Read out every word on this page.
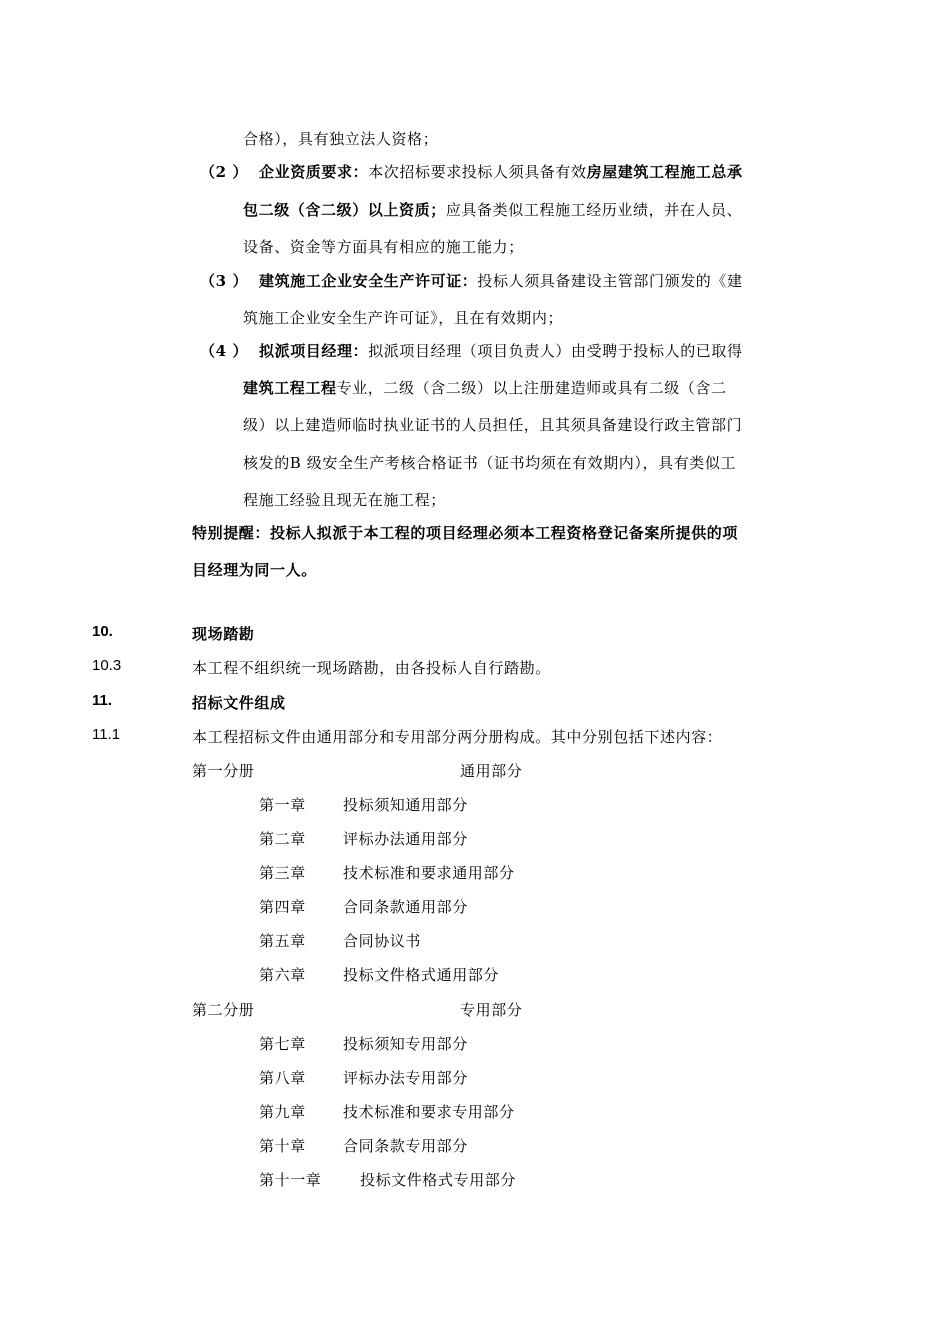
合格），具有独立法人资格；
（2 ） 企业资质要求：本次招标要求投标人须具备有效房屋建筑工程施工总承
包二级（含二级）以上资质；应具备类似工程施工经历业绩，并在人员、
设备、资金等方面具有相应的施工能力；
（3 ） 建筑施工企业安全生产许可证：投标人须具备建设主管部门颁发的《建
筑施工企业安全生产许可证》，且在有效期内；
（4 ） 拟派项目经理：拟派项目经理（项目负责人）由受聘于投标人的已取得
建筑工程工程专业，二级（含二级）以上注册建造师或具有二级（含二
级）以上建造师临时执业证书的人员担任，且其须具备建设行政主管部门
核发的B 级安全生产考核合格证书（证书均须在有效期内），具有类似工
程施工经验且现无在施工程；
特别提醒：投标人拟派于本工程的项目经理必须本工程资格登记备案所提供的项
目经理为同一人。
10.	现场踏勘
10.3	本工程不组织统一现场踏勘，由各投标人自行踏勘。
11.	招标文件组成
11.1	本工程招标文件由通用部分和专用部分两分册构成。其中分别包括下述内容：
第一分册	通用部分
第一章 投标须知通用部分
第二章 评标办法通用部分
第三章 技术标准和要求通用部分
第四章 合同条款通用部分
第五章 合同协议书
第六章 投标文件格式通用部分
第二分册	专用部分
第七章 投标须知专用部分
第八章 评标办法专用部分
第九章 技术标准和要求专用部分
第十章 合同条款专用部分
第十一章	投标文件格式专用部分
